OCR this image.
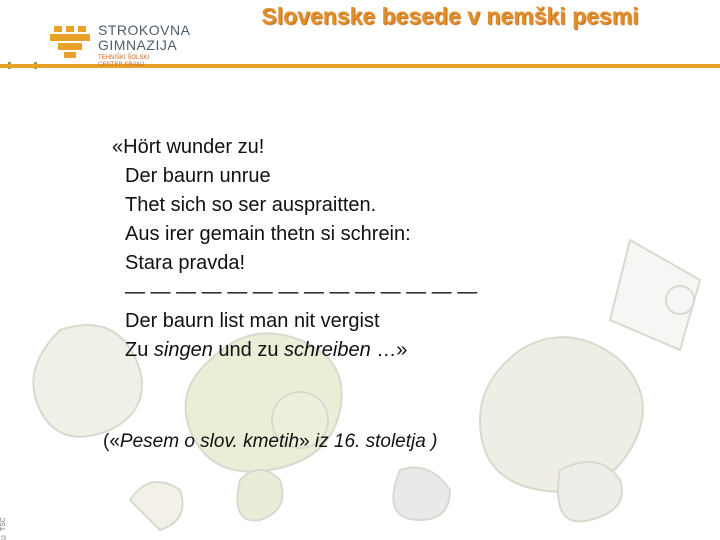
STROKOVNA
GIMNAZIJA
TEHNIŠKI ŠOLSKI
CENTER KRANJ
Slovenske besede v nemški pesmi
«Hört wunder zu!
Der baurn unrue
Thet sich so ser auspraitten.
Aus irer gemain thetn si schrein:
Stara pravda!
— — — — — — — — — — — — — —
Der baurn list man nit vergist
Zu singen und zu schreiben …»
(«Pesem o slov. kmetih» iz 16. stoletja )
© TSC
